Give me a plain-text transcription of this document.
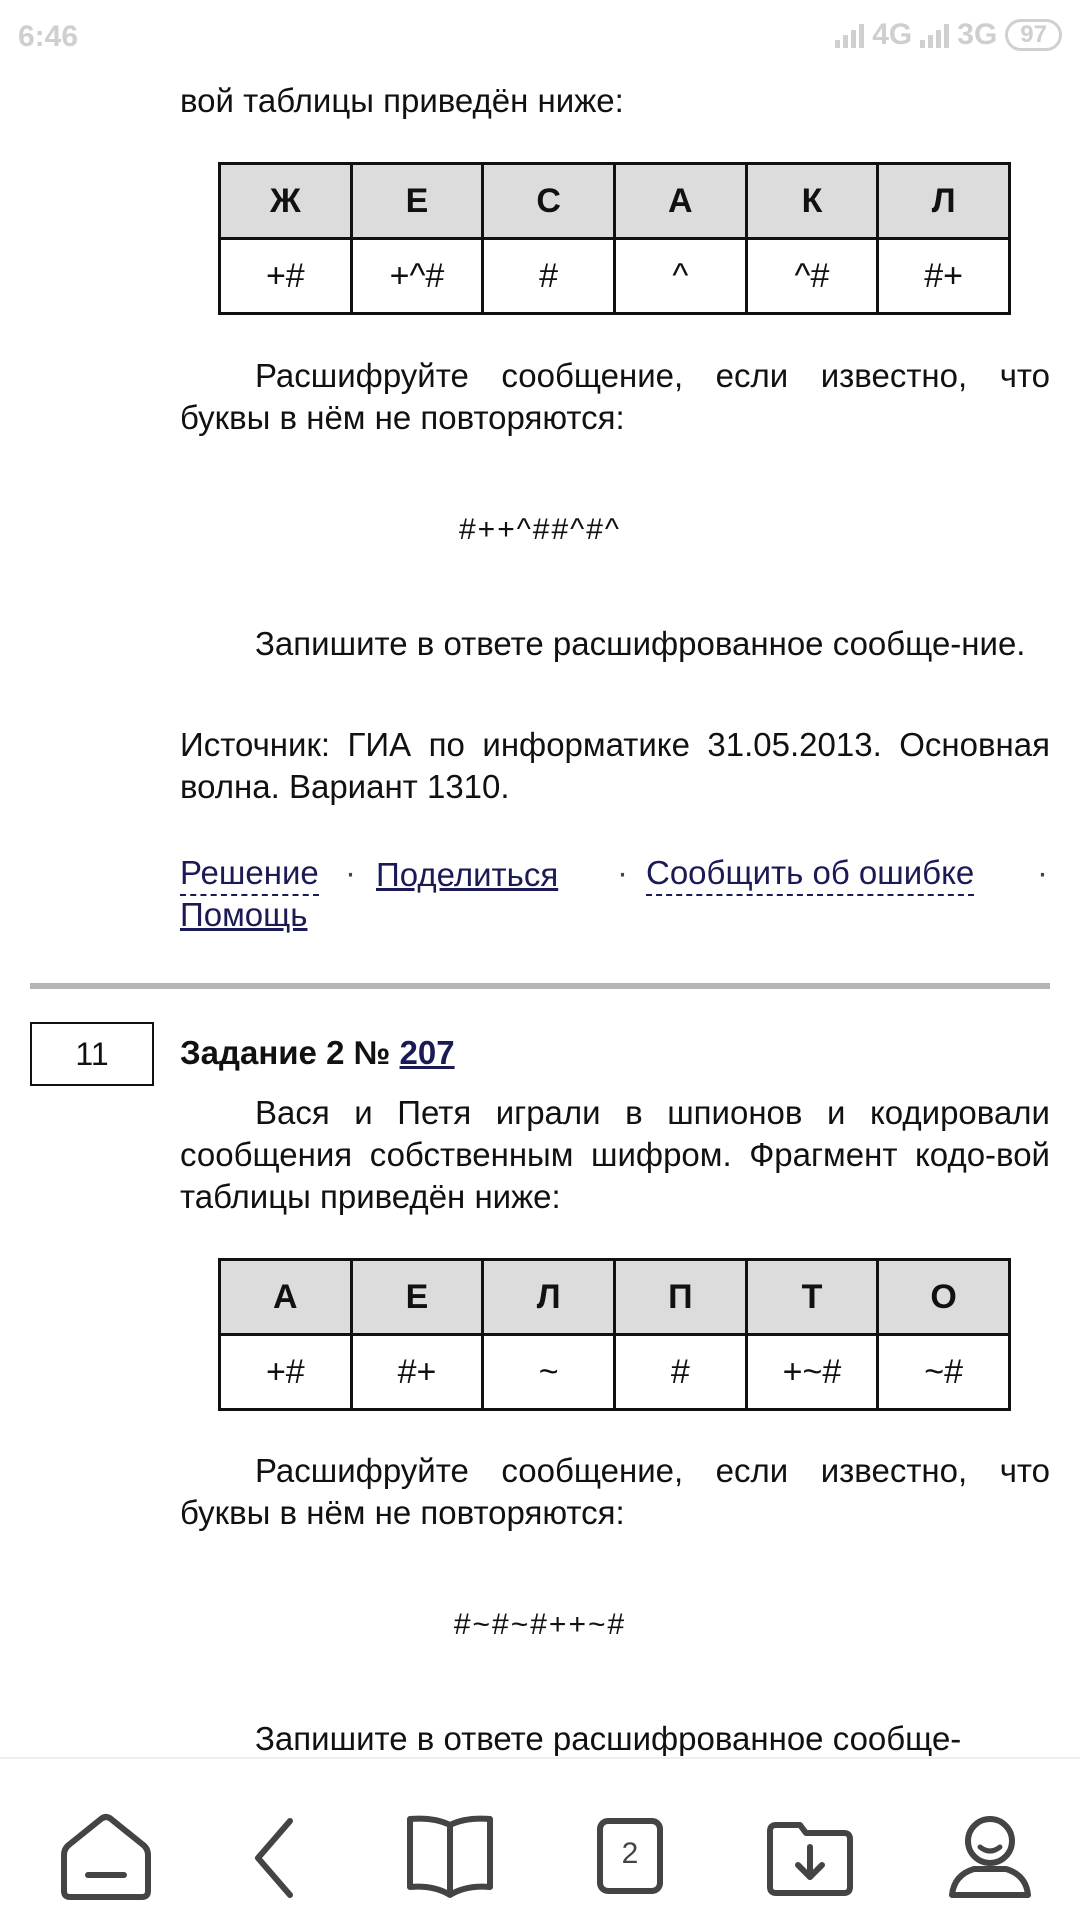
6:46	4G 3G 97
вой таблицы приведён ниже:
Ж	Е	С	А	К	Л
+#	+^#	#	^	^#	#+
Расшифруйте сообщение, если известно, что буквы в нём не повторяются:
#++^##^#^
Запишите в ответе расшифрованное сообще-ние.
Источник: ГИА по информатике 31.05.2013. Основная волна. Вариант 1310.
Решение · Поделиться · Сообщить об ошибке ·
Помощь
11	Задание 2 № 207
Вася и Петя играли в шпионов и кодировали сообщения собственным шифром. Фрагмент кодо-вой таблицы приведён ниже:
А	Е	Л	П	Т	О
+#	#+	~	#	+~#	~#
Расшифруйте сообщение, если известно, что буквы в нём не повторяются:
#~#~#++~#
Запишите в ответе расшифрованное сообще-
2
